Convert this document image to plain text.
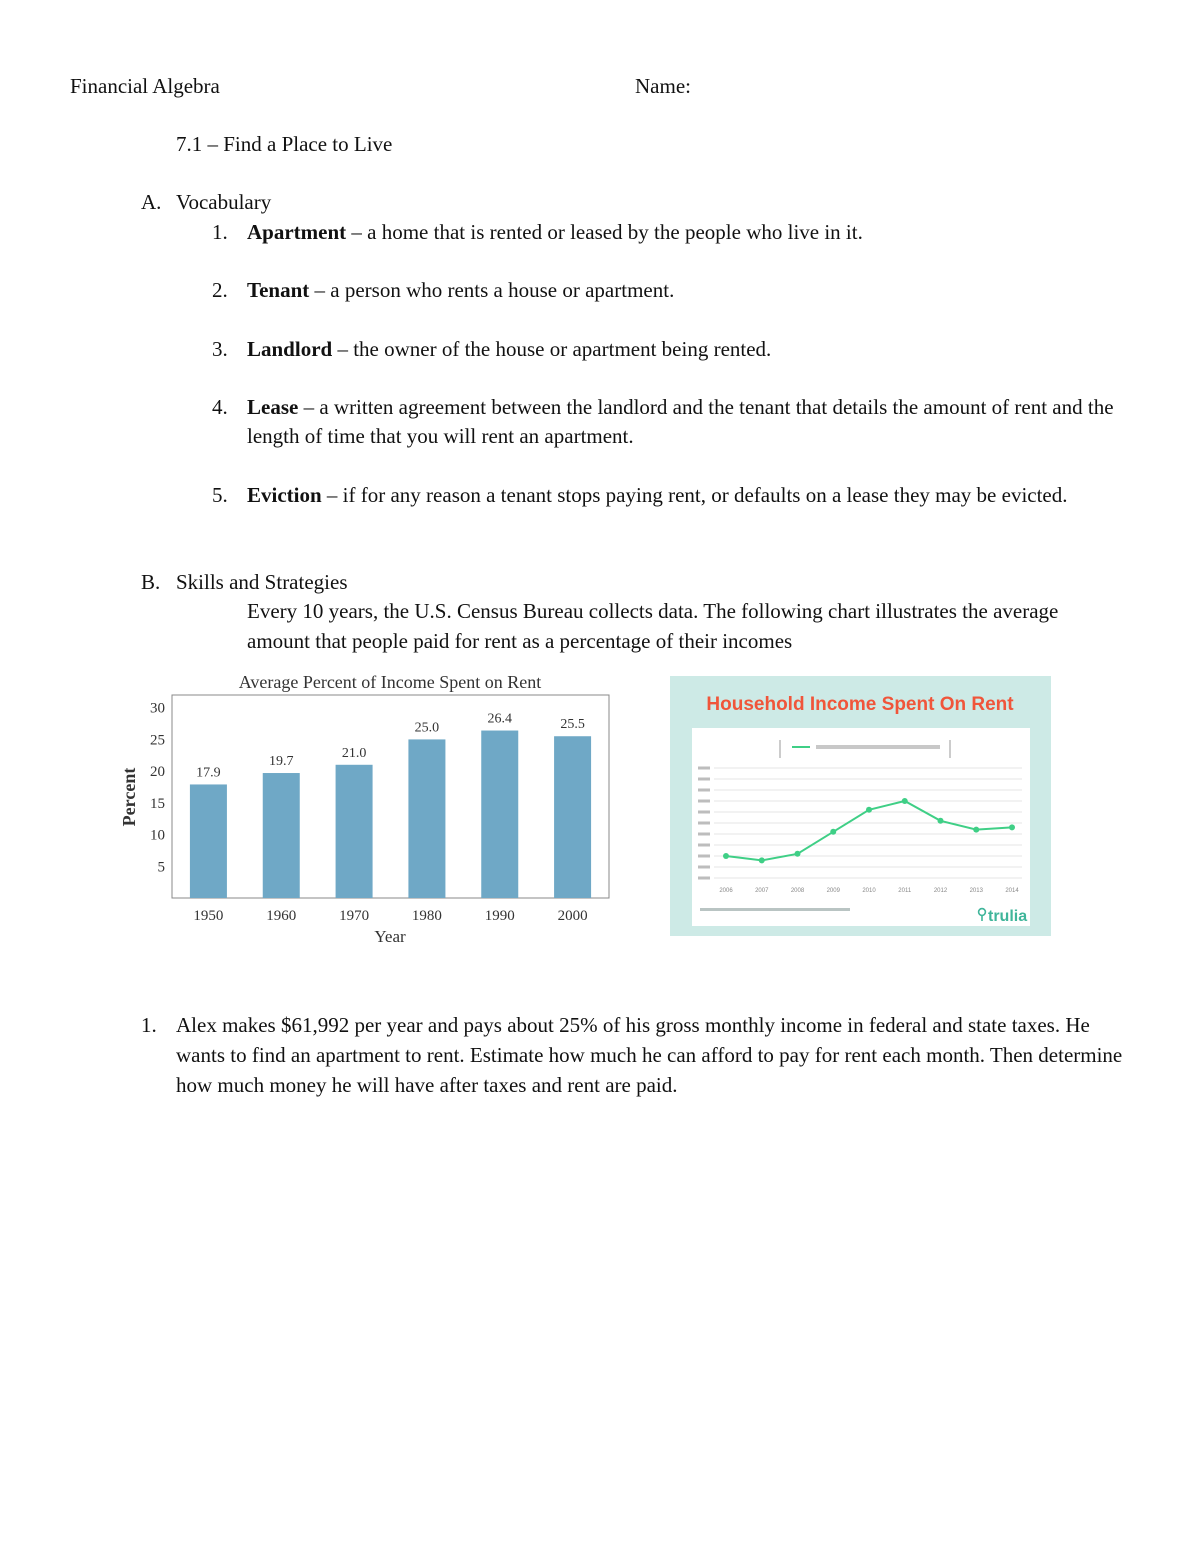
Financial Algebra	Name:
7.1 – Find a Place to Live
A. Vocabulary
1. Apartment – a home that is rented or leased by the people who live in it.
2. Tenant – a person who rents a house or apartment.
3. Landlord – the owner of the house or apartment being rented.
4. Lease – a written agreement between the landlord and the tenant that details the amount of rent and the length of time that you will rent an apartment.
5. Eviction – if for any reason a tenant stops paying rent, or defaults on a lease they may be evicted.
B. Skills and Strategies
Every 10 years, the U.S. Census Bureau collects data. The following chart illustrates the average amount that people paid for rent as a percentage of their incomes
Average Percent of Income Spent on Rent
17.9
19.7
21.0
25.0
26.4	25.5
5
10
15
20
25
30
1950	1960	1970	1980	1990	2000
Year
Percent
Household Income Spent On Rent
2006	2007	2008	2009	2010	2011	2012	2013	2014
trulia
1. Alex makes $61,992 per year and pays about 25% of his gross monthly income in federal and state taxes. He wants to find an apartment to rent. Estimate how much he can afford to pay for rent each month. Then determine how much money he will have after taxes and rent are paid.
